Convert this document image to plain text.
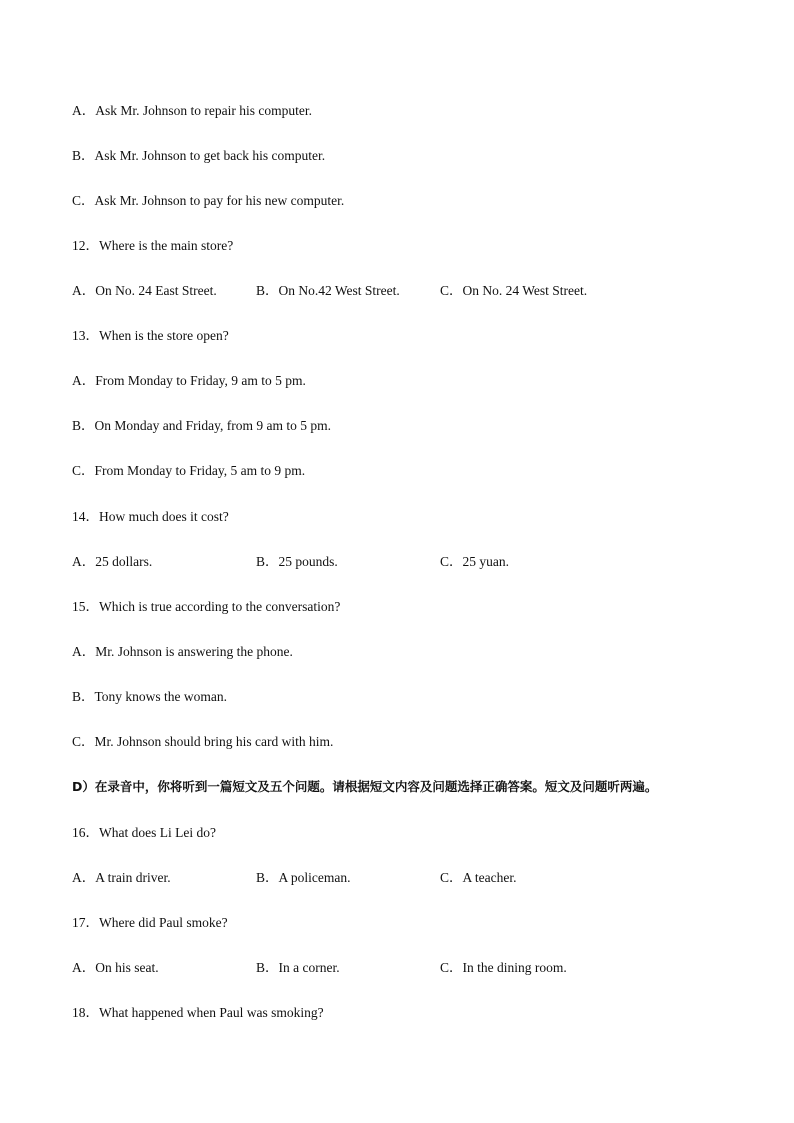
A．Ask Mr. Johnson to repair his computer.
B．Ask Mr. Johnson to get back his computer.
C．Ask Mr. Johnson to pay for his new computer.
12．Where is the main store?
A．On No. 24 East Street.	B．On No.42 West Street.	C．On No. 24 West Street.
13．When is the store open?
A．From Monday to Friday, 9 am to 5 pm.
B．On Monday and Friday, from 9 am to 5 pm.
C．From Monday to Friday, 5 am to 9 pm.
14．How much does it cost?
A．25 dollars.	B．25 pounds.	C．25 yuan.
15．Which is true according to the conversation?
A．Mr. Johnson is answering the phone.
B．Tony knows the woman.
C．Mr. Johnson should bring his card with him.
D）在录音中，你将听到一篇短文及五个问题。请根据短文内容及问题选择正确答案。短文及问题听两遍。
16．What does Li Lei do?
A．A train driver.	B．A policeman.	C．A teacher.
17．Where did Paul smoke?
A．On his seat.	B．In a corner.	C．In the dining room.
18．What happened when Paul was smoking?
